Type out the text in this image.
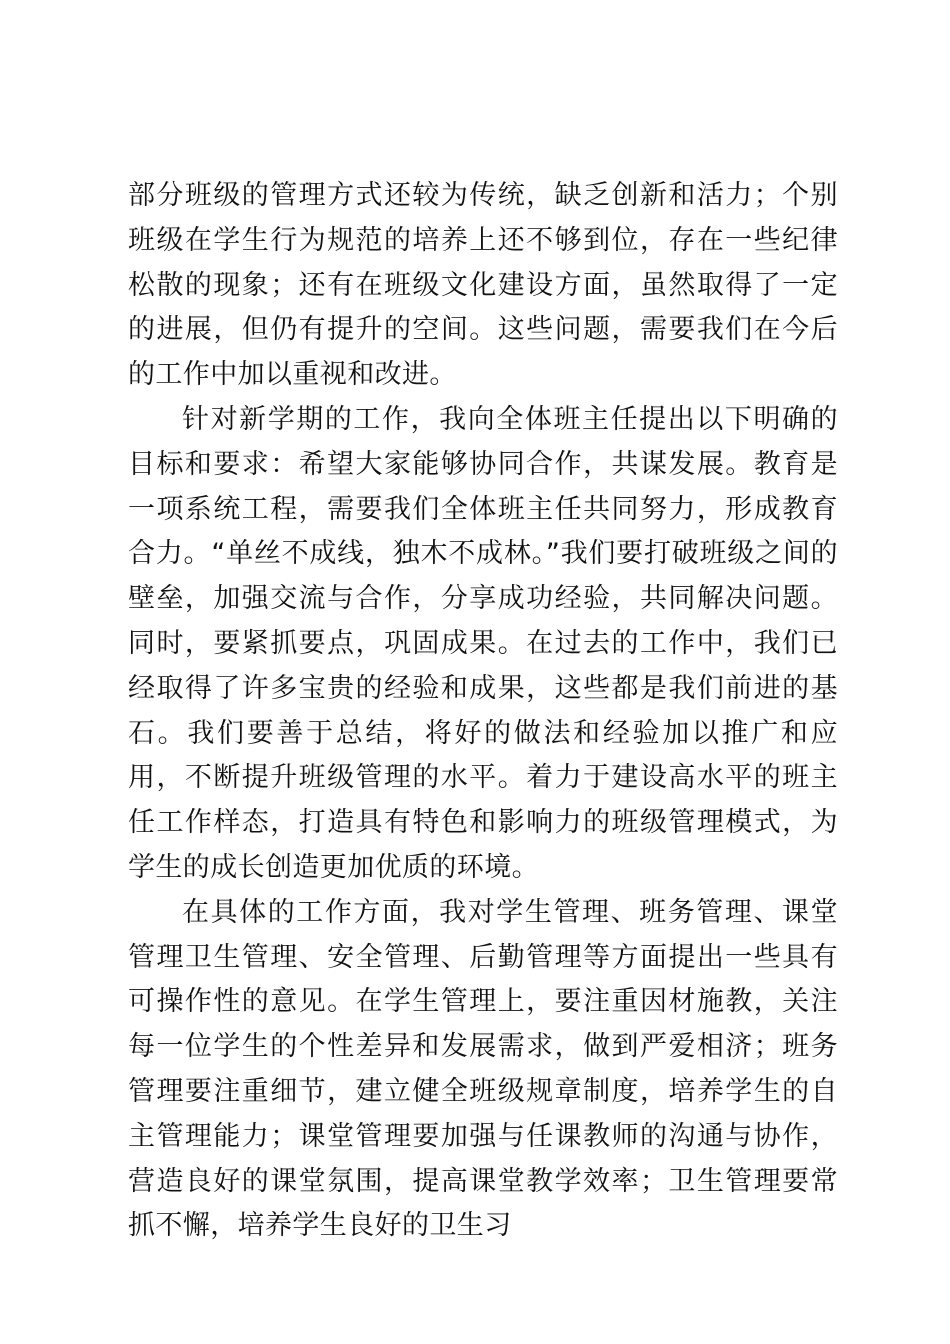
部分班级的管理方式还较为传统，缺乏创新和活力；个别班级在学生行为规范的培养上还不够到位，存在一些纪律松散的现象；还有在班级文化建设方面，虽然取得了一定的进展，但仍有提升的空间。这些问题，需要我们在今后的工作中加以重视和改进。

针对新学期的工作，我向全体班主任提出以下明确的目标和要求：希望大家能够协同合作，共谋发展。教育是一项系统工程，需要我们全体班主任共同努力，形成教育合力。“单丝不成线，独木不成林。”我们要打破班级之间的壁垒，加强交流与合作，分享成功经验，共同解决问题。同时，要紧抓要点，巩固成果。在过去的工作中，我们已经取得了许多宝贵的经验和成果，这些都是我们前进的基石。我们要善于总结，将好的做法和经验加以推广和应用，不断提升班级管理的水平。着力于建设高水平的班主任工作样态，打造具有特色和影响力的班级管理模式，为学生的成长创造更加优质的环境。

在具体的工作方面，我对学生管理、班务管理、课堂管理卫生管理、安全管理、后勤管理等方面提出一些具有可操作性的意见。在学生管理上，要注重因材施教，关注每一位学生的个性差异和发展需求，做到严爱相济；班务管理要注重细节，建立健全班级规章制度，培养学生的自主管理能力；课堂管理要加强与任课教师的沟通与协作，营造良好的课堂氛围，提高课堂教学效率；卫生管理要常抓不懈，培养学生良好的卫生习
